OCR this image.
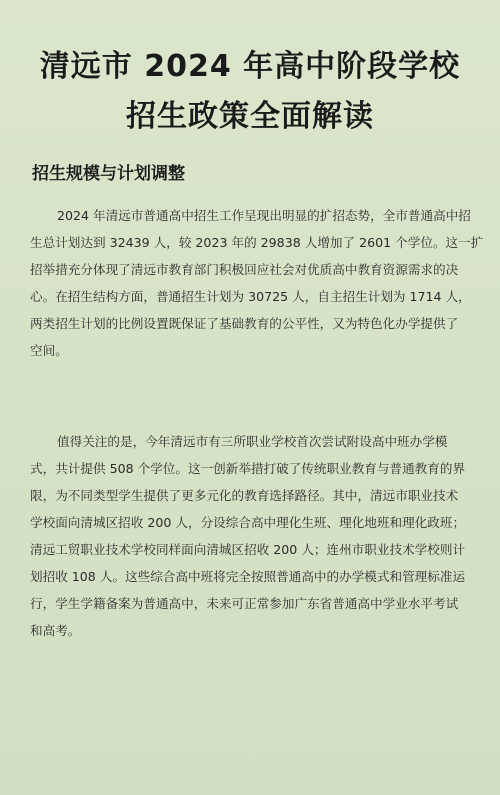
清远市 2024 年高中阶段学校
招生政策全面解读
招生规模与计划调整
2024 年清远市普通高中招生工作呈现出明显的扩招态势，全市普通高中招
生总计划达到 32439 人，较 2023 年的 29838 人增加了 2601 个学位。这一扩
招举措充分体现了清远市教育部门积极回应社会对优质高中教育资源需求的决
心。在招生结构方面，普通招生计划为 30725 人，自主招生计划为 1714 人，
两类招生计划的比例设置既保证了基础教育的公平性，又为特色化办学提供了
空间。
值得关注的是，今年清远市有三所职业学校首次尝试附设高中班办学模
式，共计提供 508 个学位。这一创新举措打破了传统职业教育与普通教育的界
限，为不同类型学生提供了更多元化的教育选择路径。其中，清远市职业技术
学校面向清城区招收 200 人，分设综合高中理化生班、理化地班和理化政班；
清远工贸职业技术学校同样面向清城区招收 200 人；连州市职业技术学校则计
划招收 108 人。这些综合高中班将完全按照普通高中的办学模式和管理标准运
行，学生学籍备案为普通高中，未来可正常参加广东省普通高中学业水平考试
和高考。
